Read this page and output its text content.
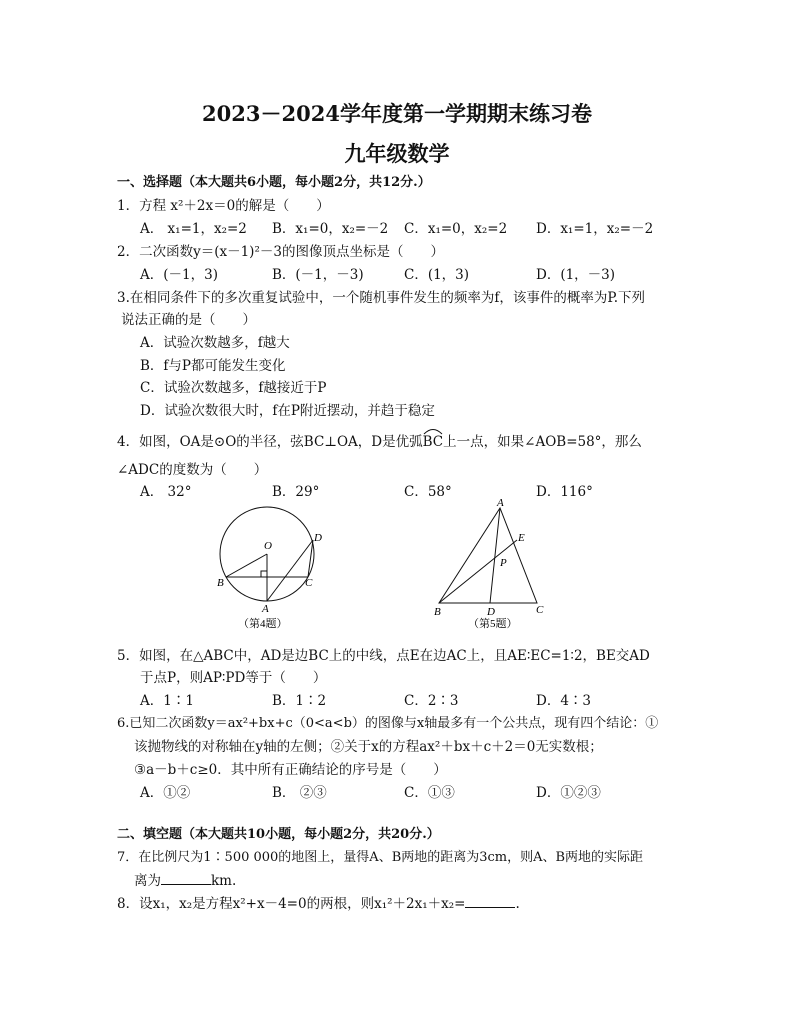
2023－2024学年度第一学期期末练习卷
九年级数学
一、选择题（本大题共6小题，每小题2分，共12分.）
1．方程 x²＋2x＝0的解是（　　）
A． x₁=1，x₂=2 B．x₁=0，x₂=－2 C．x₁=0，x₂=2 D．x₁=1，x₂=－2
2．二次函数y＝(x－1)²－3的图像顶点坐标是（　　）
A．(－1，3)	B．(－1，－3)	C．(1，3)	D．(1，－3)
3.在相同条件下的多次重复试验中，一个随机事件发生的频率为f，该事件的概率为P.下列
说法正确的是（　　）
A．试验次数越多，f越大
B．f与P都可能发生变化
C．试验次数越多，f越接近于P
D．试验次数很大时，f在P附近摆动，并趋于稳定
4．如图，OA是⊙O的半径，弦BC⊥OA，D是优弧
BC上一点，如果∠AOB=58°，那么
∠ADC的度数为（　　）
A． 32°	B．29°	C．58°	D．116°
O
D
B	C
A
（第4题）
A
E
P
B	D	C
（第5题）
5．如图，在△ABC中，AD是边BC上的中线，点E在边AC上，且AE∶EC=1∶2，BE交AD
于点P，则AP∶PD等于（　　）
A．1∶1	B．1∶2	C．2∶3	D．4∶3
6.已知二次函数y＝ax²+bx+c（0<a<b）的图像与x轴最多有一个公共点，现有四个结论：①
该抛物线的对称轴在y轴的左侧；②关于x的方程ax²＋bx＋c＋2＝0无实数根；
③a－b＋c≥0．其中所有正确结论的序号是（　　）
A．①②	B． ②③	C．①③	D．①②③
二、填空题（本大题共10小题，每小题2分，共20分.）
7．在比例尺为1∶500 000的地图上，量得A、B两地的距离为3cm，则A、B两地的实际距
离为	km.
8．设x₁，x₂是方程x²+x－4=0的两根，则x₁²＋2x₁＋x₂=	.
